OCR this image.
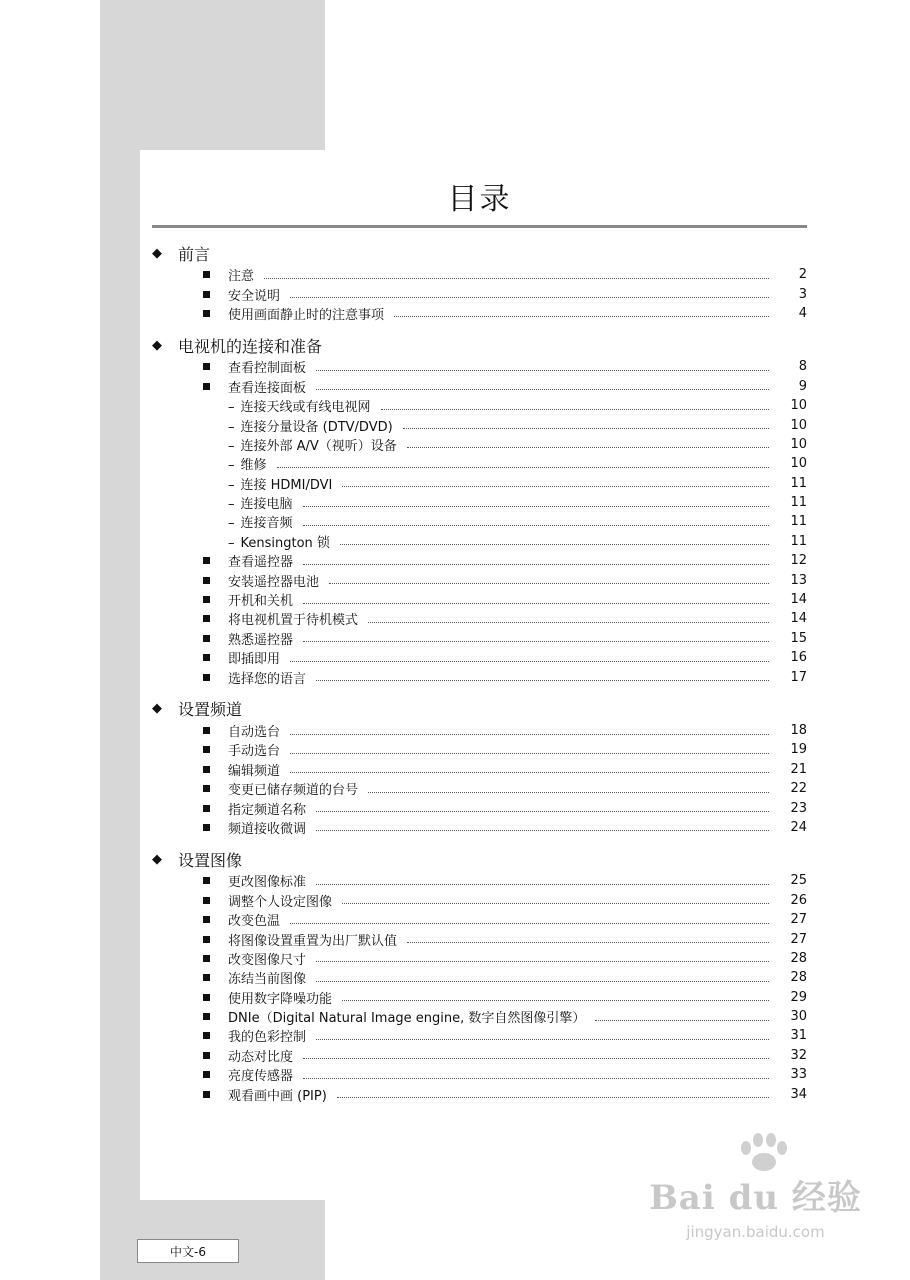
目录
◆ 前言
注意	2
安全说明	3
使用画面静止时的注意事项	4
◆ 电视机的连接和准备
查看控制面板	8
查看连接面板	9
– 连接天线或有线电视网	10
– 连接分量设备 (DTV/DVD)	10
– 连接外部 A/V（视听）设备	10
– 维修	10
– 连接 HDMI/DVI	11
– 连接电脑	11
– 连接音频	11
– Kensington 锁	11
查看遥控器	12
安装遥控器电池	13
开机和关机	14
将电视机置于待机模式	14
熟悉遥控器	15
即插即用	16
选择您的语言	17
◆ 设置频道
自动选台	18
手动选台	19
编辑频道	21
变更已储存频道的台号	22
指定频道名称	23
频道接收微调	24
◆ 设置图像
更改图像标准	25
调整个人设定图像	26
改变色温	27
将图像设置重置为出厂默认值	27
改变图像尺寸	28
冻结当前图像	28
使用数字降噪功能	29
DNIe（Digital Natural Image engine, 数字自然图像引擎）	30
我的色彩控制	31
动态对比度	32
亮度传感器	33
观看画中画 (PIP)	34
中文-6
Bai du 经验
jingyan.baidu.com
